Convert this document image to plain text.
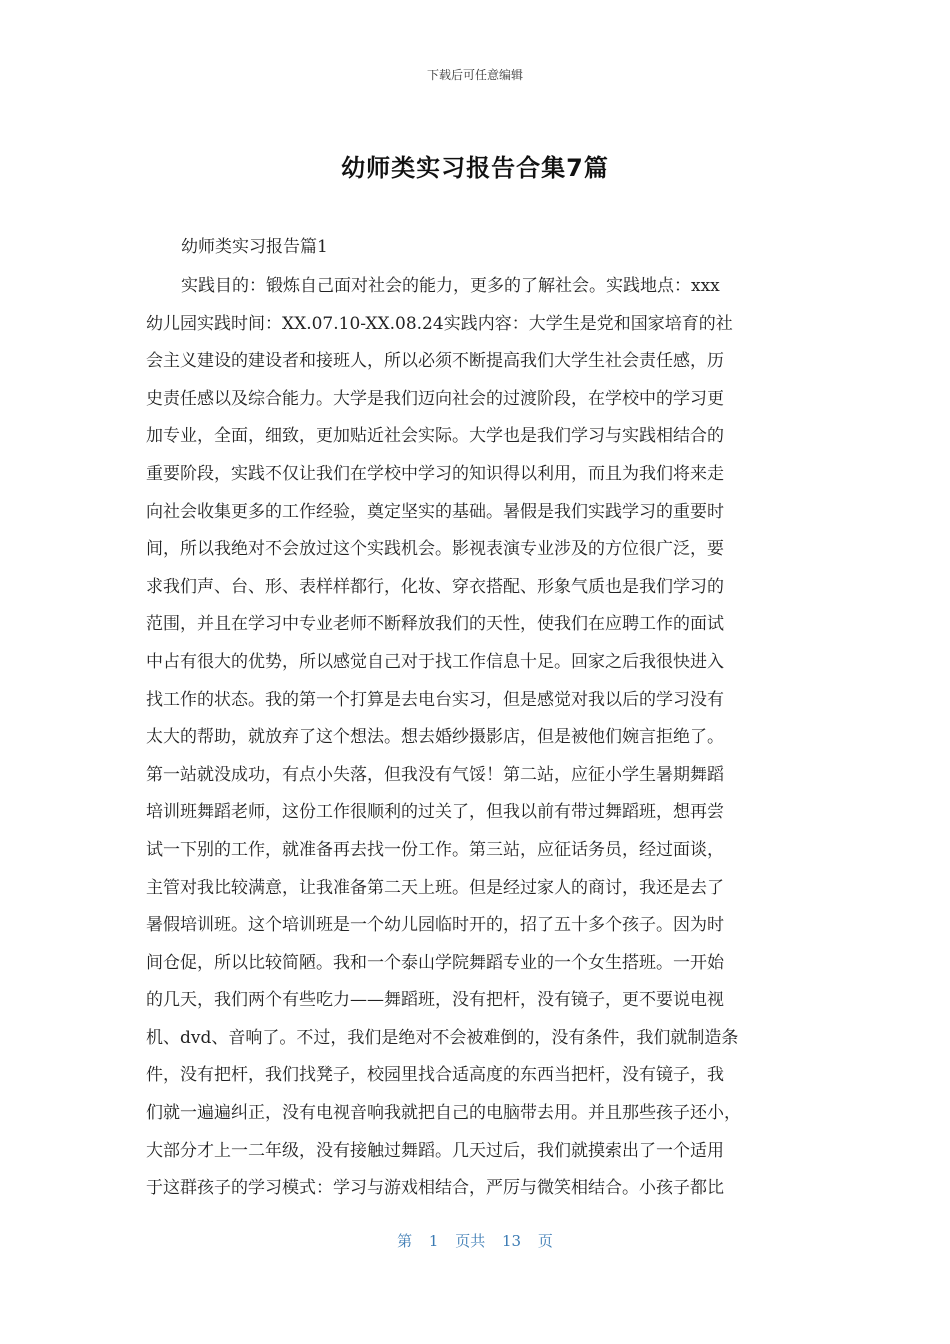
下载后可任意编辑
幼师类实习报告合集7篇
幼师类实习报告篇1
实践目的：锻炼自己面对社会的能力，更多的了解社会。实践地点：xxx
幼儿园实践时间：XX.07.10-XX.08.24实践内容：大学生是党和国家培育的社
会主义建设的建设者和接班人，所以必须不断提高我们大学生社会责任感，历
史责任感以及综合能力。大学是我们迈向社会的过渡阶段，在学校中的学习更
加专业，全面，细致，更加贴近社会实际。大学也是我们学习与实践相结合的
重要阶段，实践不仅让我们在学校中学习的知识得以利用，而且为我们将来走
向社会收集更多的工作经验，奠定坚实的基础。暑假是我们实践学习的重要时
间，所以我绝对不会放过这个实践机会。影视表演专业涉及的方位很广泛，要
求我们声、台、形、表样样都行，化妆、穿衣搭配、形象气质也是我们学习的
范围，并且在学习中专业老师不断释放我们的天性，使我们在应聘工作的面试
中占有很大的优势，所以感觉自己对于找工作信息十足。回家之后我很快进入
找工作的状态。我的第一个打算是去电台实习，但是感觉对我以后的学习没有
太大的帮助，就放弃了这个想法。想去婚纱摄影店，但是被他们婉言拒绝了。
第一站就没成功，有点小失落，但我没有气馁！第二站，应征小学生暑期舞蹈
培训班舞蹈老师，这份工作很顺利的过关了，但我以前有带过舞蹈班，想再尝
试一下别的工作，就准备再去找一份工作。第三站，应征话务员，经过面谈，
主管对我比较满意，让我准备第二天上班。但是经过家人的商讨，我还是去了
暑假培训班。这个培训班是一个幼儿园临时开的，招了五十多个孩子。因为时
间仓促，所以比较简陋。我和一个泰山学院舞蹈专业的一个女生搭班。一开始
的几天，我们两个有些吃力——舞蹈班，没有把杆，没有镜子，更不要说电视
机、dvd、音响了。不过，我们是绝对不会被难倒的，没有条件，我们就制造条
件，没有把杆，我们找凳子，校园里找合适高度的东西当把杆，没有镜子，我
们就一遍遍纠正，没有电视音响我就把自己的电脑带去用。并且那些孩子还小，
大部分才上一二年级，没有接触过舞蹈。几天过后，我们就摸索出了一个适用
于这群孩子的学习模式：学习与游戏相结合，严厉与微笑相结合。小孩子都比
第 1 页共 13 页
